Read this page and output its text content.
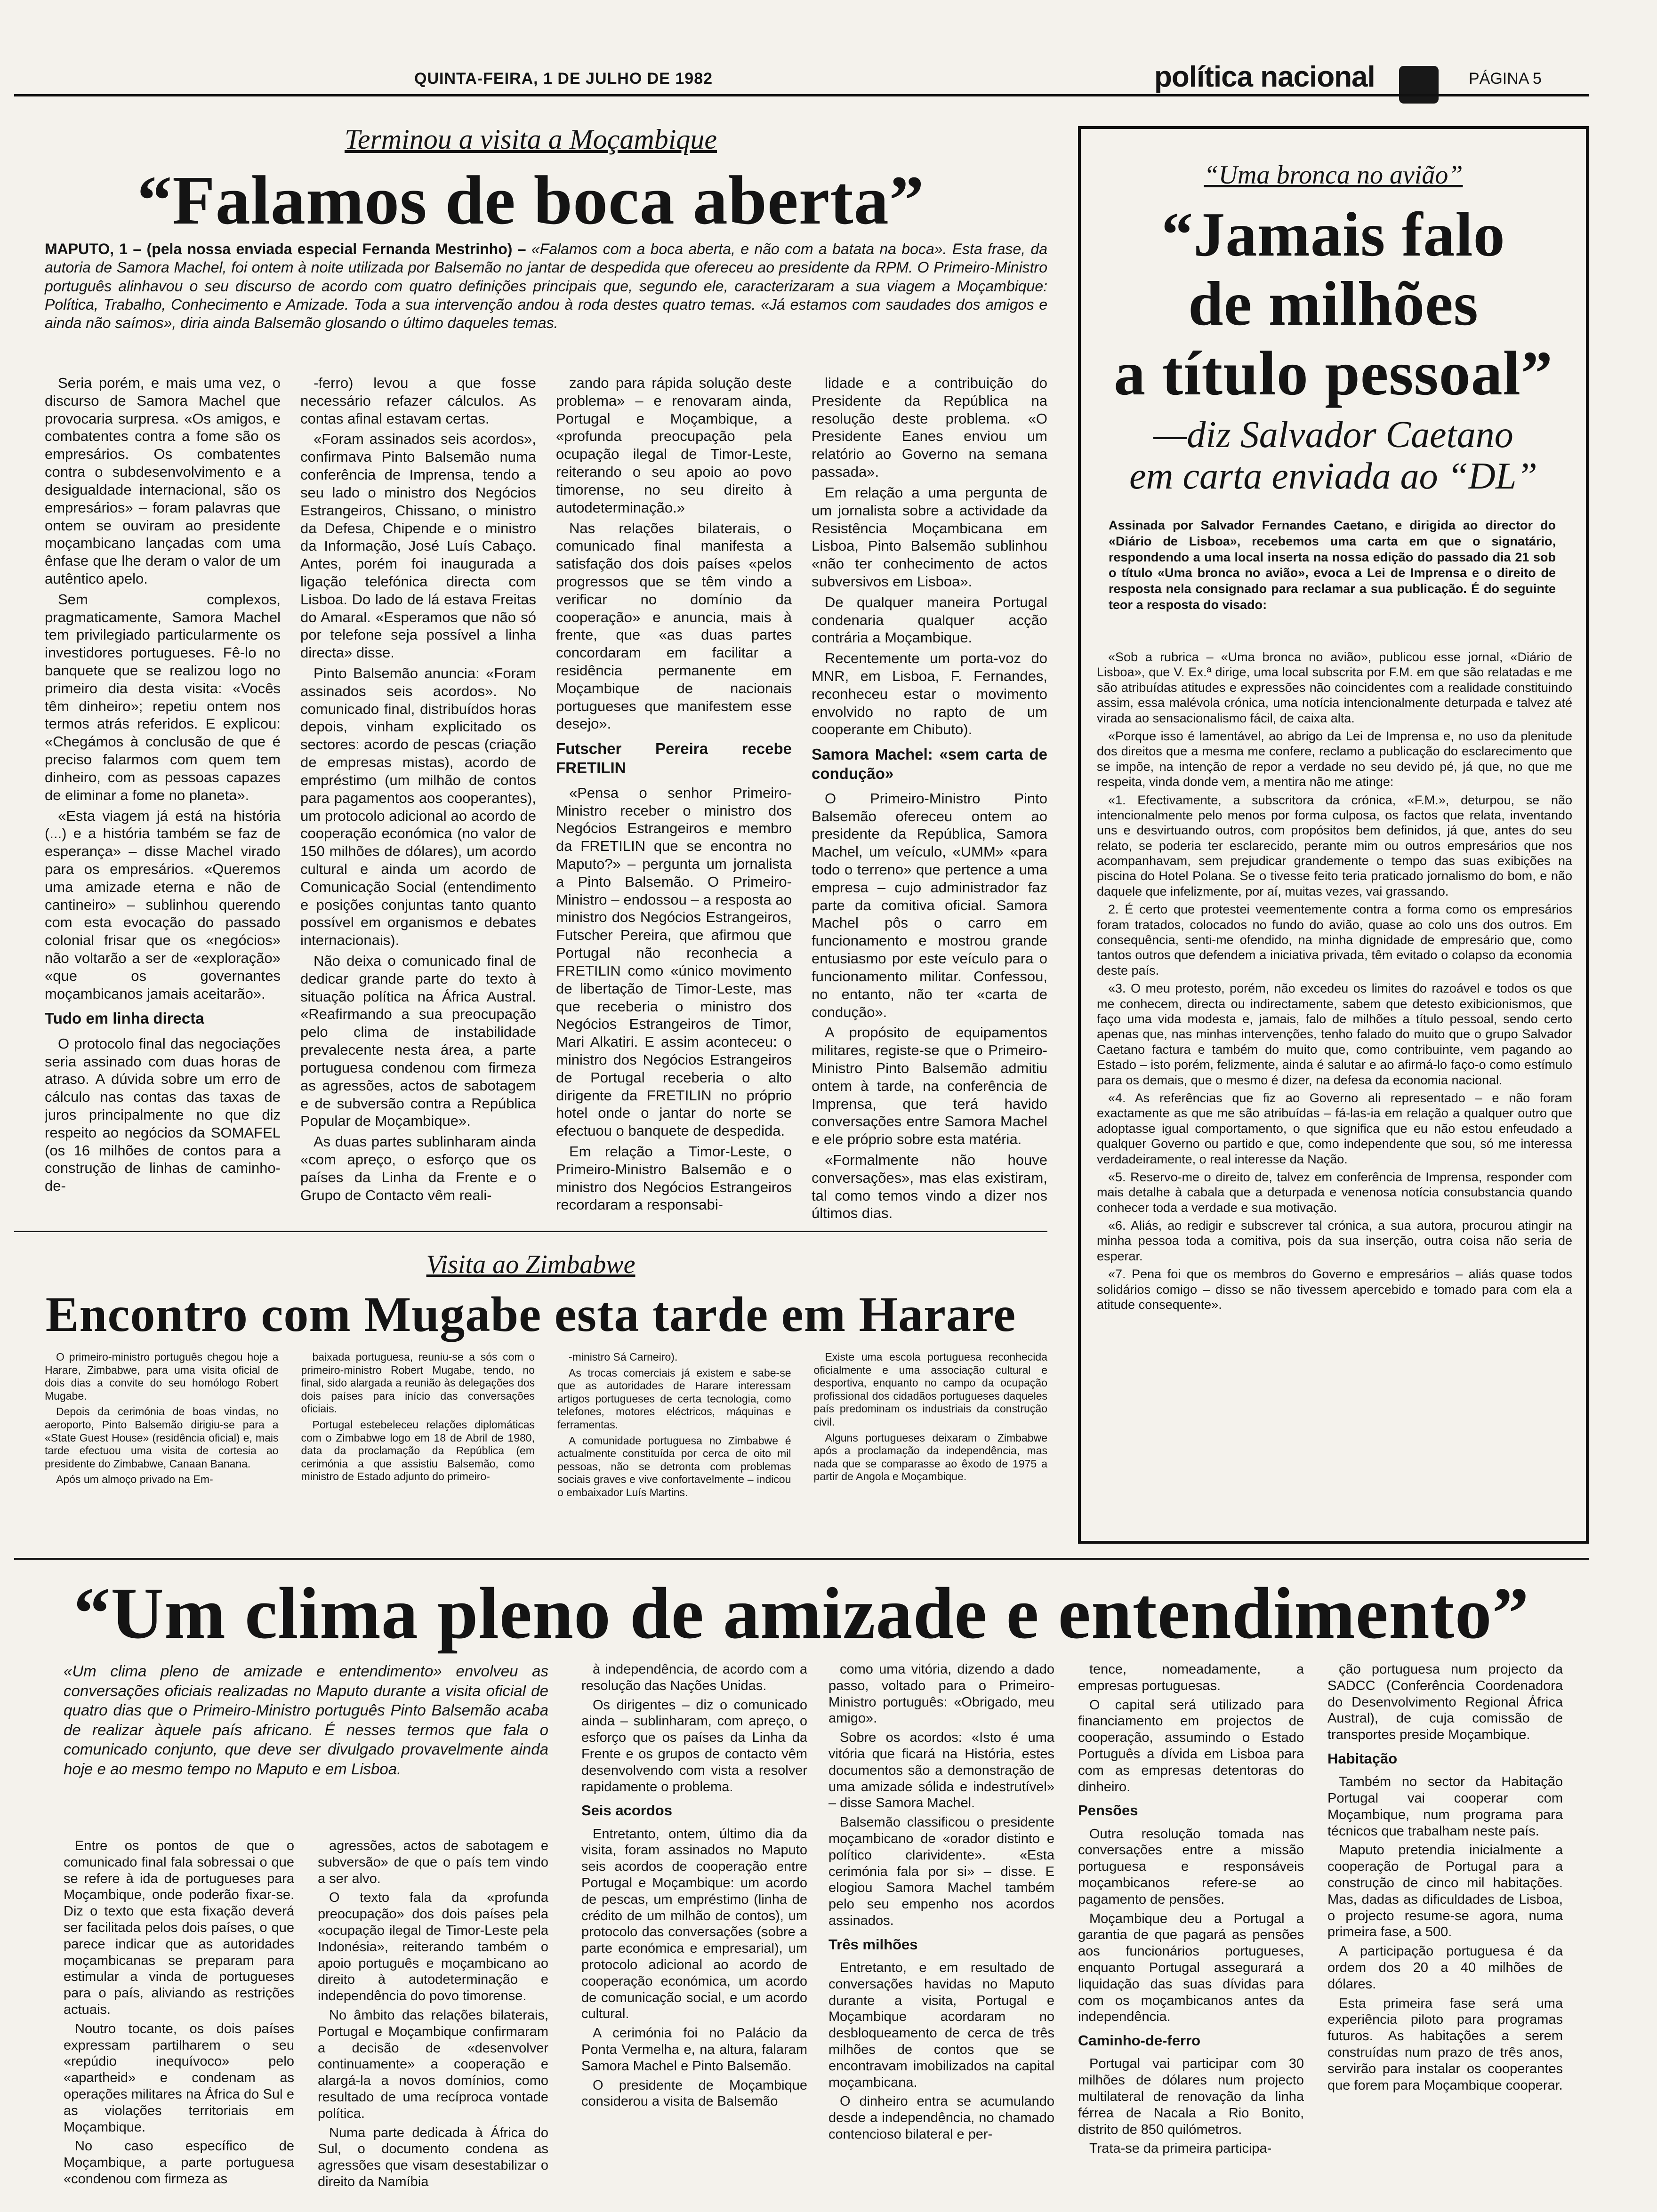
QUINTA-FEIRA, 1 DE JULHO DE 1982	política nacional	PÁGINA 5
Terminou a visita a Moçambique
“Falamos de boca aberta”
MAPUTO, 1 – (pela nossa enviada especial Fernanda Mestrinho) – «Falamos com a boca aberta, e não com a batata na boca». Esta frase, da autoria de Samora Machel, foi ontem à noite utilizada por Balsemão no jantar de despedida que ofereceu ao presidente da RPM. O Primeiro-Ministro português alinhavou o seu discurso de acordo com quatro definições principais que, segundo ele, caracterizaram a sua viagem a Moçambique: Política, Trabalho, Conhecimento e Amizade. Toda a sua intervenção andou à roda destes quatro temas. «Já estamos com saudades dos amigos e ainda não saímos», diria ainda Balsemão glosando o último daqueles temas.

Seria porém, e mais uma vez, o discurso de Samora Machel que provocaria surpresa. «Os amigos, e combatentes contra a fome são os empresários. Os combatentes contra o subdesenvolvimento e a desigualdade internacional, são os empresários» – foram palavras que ontem se ouviram ao presidente moçambicano lançadas com uma ênfase que lhe deram o valor de um autêntico apelo.

Sem complexos, pragmaticamente, Samora Machel tem privilegiado particularmente os investidores portugueses. Fê-lo no banquete que se realizou logo no primeiro dia desta visita: «Vocês têm dinheiro»; repetiu ontem nos termos atrás referidos. E explicou: «Chegámos à conclusão de que é preciso falarmos com quem tem dinheiro, com as pessoas capazes de eliminar a fome no planeta».

«Esta viagem já está na história (...) e a história também se faz de esperança» – disse Machel virado para os empresários. «Queremos uma amizade eterna e não de cantineiro» – sublinhou querendo com esta evocação do passado colonial frisar que os «negócios» não voltarão a ser de «exploração» «que os governantes moçambicanos jamais aceitarão».

Tudo em linha directa

O protocolo final das negociações seria assinado com duas horas de atraso. A dúvida sobre um erro de cálculo nas contas das taxas de juros principalmente no que diz respeito ao negócios da SOMAFEL (os 16 milhões de contos para a construção de linhas de caminho-de-

-ferro) levou a que fosse necessário refazer cálculos. As contas afinal estavam certas.

«Foram assinados seis acordos», confirmava Pinto Balsemão numa conferência de Imprensa, tendo a seu lado o ministro dos Negócios Estrangeiros, Chissano, o ministro da Defesa, Chipende e o ministro da Informação, José Luís Cabaço. Antes, porém foi inaugurada a ligação telefónica directa com Lisboa. Do lado de lá estava Freitas do Amaral. «Esperamos que não só por telefone seja possível a linha directa» disse.

Pinto Balsemão anuncia: «Foram assinados seis acordos». No comunicado final, distribuídos horas depois, vinham explicitado os sectores: acordo de pescas (criação de empresas mistas), acordo de empréstimo (um milhão de contos para pagamentos aos cooperantes), um protocolo adicional ao acordo de cooperação económica (no valor de 150 milhões de dólares), um acordo cultural e ainda um acordo de Comunicação Social (entendimento e posições conjuntas tanto quanto possível em organismos e debates internacionais).

Não deixa o comunicado final de dedicar grande parte do texto à situação política na África Austral. «Reafirmando a sua preocupação pelo clima de instabilidade prevalecente nesta área, a parte portuguesa condenou com firmeza as agressões, actos de sabotagem e de subversão contra a República Popular de Moçambique».

As duas partes sublinharam ainda «com apreço, o esforço que os países da Linha da Frente e o Grupo de Contacto vêm reali-

zando para rápida solução deste problema» – e renovaram ainda, Portugal e Moçambique, a «profunda preocupação pela ocupação ilegal de Timor-Leste, reiterando o seu apoio ao povo timorense, no seu direito à autodeterminação.»

Nas relações bilaterais, o comunicado final manifesta a satisfação dos dois países «pelos progressos que se têm vindo a verificar no domínio da cooperação» e anuncia, mais à frente, que «as duas partes concordaram em facilitar a residência permanente em Moçambique de nacionais portugueses que manifestem esse desejo».

Futscher Pereira recebe FRETILIN

«Pensa o senhor Primeiro-Ministro receber o ministro dos Negócios Estrangeiros e membro da FRETILIN que se encontra no Maputo?» – pergunta um jornalista a Pinto Balsemão. O Primeiro-Ministro – endossou – a resposta ao ministro dos Negócios Estrangeiros, Futscher Pereira, que afirmou que Portugal não reconhecia a FRETILIN como «único movimento de libertação de Timor-Leste, mas que receberia o ministro dos Negócios Estrangeiros de Timor, Mari Alkatiri. E assim aconteceu: o ministro dos Negócios Estrangeiros de Portugal receberia o alto dirigente da FRETILIN no próprio hotel onde o jantar do norte se efectuou o banquete de despedida.

Em relação a Timor-Leste, o Primeiro-Ministro Balsemão e o ministro dos Negócios Estrangeiros recordaram a responsabi-

lidade e a contribuição do Presidente da República na resolução deste problema. «O Presidente Eanes enviou um relatório ao Governo na semana passada».

Em relação a uma pergunta de um jornalista sobre a actividade da Resistência Moçambicana em Lisboa, Pinto Balsemão sublinhou «não ter conhecimento de actos subversivos em Lisboa».

De qualquer maneira Portugal condenaria qualquer acção contrária a Moçambique.

Recentemente um porta-voz do MNR, em Lisboa, F. Fernandes, reconheceu estar o movimento envolvido no rapto de um cooperante em Chibuto).

Samora Machel: «sem carta de condução»

O Primeiro-Ministro Pinto Balsemão ofereceu ontem ao presidente da República, Samora Machel, um veículo, «UMM» «para todo o terreno» que pertence a uma empresa – cujo administrador faz parte da comitiva oficial. Samora Machel pôs o carro em funcionamento e mostrou grande entusiasmo por este veículo para o funcionamento militar. Confessou, no entanto, não ter «carta de condução».

A propósito de equipamentos militares, registe-se que o Primeiro-Ministro Pinto Balsemão admitiu ontem à tarde, na conferência de Imprensa, que terá havido conversações entre Samora Machel e ele próprio sobre esta matéria.

«Formalmente não houve conversações», mas elas existiram, tal como temos vindo a dizer nos últimos dias.

“Uma bronca no avião”
“Jamais falo
de milhões
a título pessoal”
—diz Salvador Caetano
em carta enviada ao “DL”
Assinada por Salvador Fernandes Caetano, e dirigida ao director do «Diário de Lisboa», recebemos uma carta em que o signatário, respondendo a uma local inserta na nossa edição do passado dia 21 sob o título «Uma bronca no avião», evoca a Lei de Imprensa e o direito de resposta nela consignado para reclamar a sua publicação. É do seguinte teor a resposta do visado:

«Sob a rubrica – «Uma bronca no avião», publicou esse jornal, «Diário de Lisboa», que V. Ex.ª dirige, uma local subscrita por F.M. em que são relatadas e me são atribuídas atitudes e expressões não coincidentes com a realidade constituindo assim, essa malévola crónica, uma notícia intencionalmente deturpada e talvez até virada ao sensacionalismo fácil, de caixa alta.

«Porque isso é lamentável, ao abrigo da Lei de Imprensa e, no uso da plenitude dos direitos que a mesma me confere, reclamo a publicação do esclarecimento que se impõe, na intenção de repor a verdade no seu devido pé, já que, no que me respeita, vinda donde vem, a mentira não me atinge:

«1. Efectivamente, a subscritora da crónica, «F.M.», deturpou, se não intencionalmente pelo menos por forma culposa, os factos que relata, inventando uns e desvirtuando outros, com propósitos bem definidos, já que, antes do seu relato, se poderia ter esclarecido, perante mim ou outros empresários que nos acompanhavam, sem prejudicar grandemente o tempo das suas exibições na piscina do Hotel Polana. Se o tivesse feito teria praticado jornalismo do bom, e não daquele que infelizmente, por aí, muitas vezes, vai grassando.

2. É certo que protestei veementemente contra a forma como os empresários foram tratados, colocados no fundo do avião, quase ao colo uns dos outros. Em consequência, senti-me ofendido, na minha dignidade de empresário que, como tantos outros que defendem a iniciativa privada, têm evitado o colapso da economia deste país.

«3. O meu protesto, porém, não excedeu os limites do razoável e todos os que me conhecem, directa ou indirectamente, sabem que detesto exibicionismos, que faço uma vida modesta e, jamais, falo de milhões a título pessoal, sendo certo apenas que, nas minhas intervenções, tenho falado do muito que o grupo Salvador Caetano factura e também do muito que, como contribuinte, vem pagando ao Estado – isto porém, felizmente, ainda é salutar e ao afirmá-lo faço-o como estímulo para os demais, que o mesmo é dizer, na defesa da economia nacional.

«4. As referências que fiz ao Governo ali representado – e não foram exactamente as que me são atribuídas – fá-las-ia em relação a qualquer outro que adoptasse igual comportamento, o que significa que eu não estou enfeudado a qualquer Governo ou partido e que, como independente que sou, só me interessa verdadeiramente, o real interesse da Nação.

«5. Reservo-me o direito de, talvez em conferência de Imprensa, responder com mais detalhe à cabala que a deturpada e venenosa notícia consubstancia quando conhecer toda a verdade e sua motivação.

«6. Aliás, ao redigir e subscrever tal crónica, a sua autora, procurou atingir na minha pessoa toda a comitiva, pois da sua inserção, outra coisa não seria de esperar.

«7. Pena foi que os membros do Governo e empresários – aliás quase todos solidários comigo – disso se não tivessem apercebido e tomado para com ela a atitude consequente».

Visita ao Zimbabwe
Encontro com Mugabe esta tarde em Harare

O primeiro-ministro português chegou hoje a Harare, Zimbabwe, para uma visita oficial de dois dias a convite do seu homólogo Robert Mugabe.

Depois da cerimónia de boas vindas, no aeroporto, Pinto Balsemão dirigiu-se para a «State Guest House» (residência oficial) e, mais tarde efectuou uma visita de cortesia ao presidente do Zimbabwe, Canaan Banana.

Após um almoço privado na Em-

baixada portuguesa, reuniu-se a sós com o primeiro-ministro Robert Mugabe, tendo, no final, sido alargada a reunião às delegações dos dois países para início das conversações oficiais.

Portugal estebeleceu relações diplomáticas com o Zimbabwe logo em 18 de Abril de 1980, data da proclamação da República (em cerimónia a que assistiu Balsemão, como ministro de Estado adjunto do primeiro-

-ministro Sá Carneiro).

As trocas comerciais já existem e sabe-se que as autoridades de Harare interessam artigos portugueses de certa tecnologia, como telefones, motores eléctricos, máquinas e ferramentas.

A comunidade portuguesa no Zimbabwe é actualmente constituída por cerca de oito mil pessoas, não se detronta com problemas sociais graves e vive confortavelmente – indicou o embaixador Luís Martins.

Existe uma escola portuguesa reconhecida oficialmente e uma associação cultural e desportiva, enquanto no campo da ocupação profissional dos cidadãos portugueses daqueles país predominam os industriais da construção civil.

Alguns portugueses deixaram o Zimbabwe após a proclamação da independência, mas nada que se comparasse ao êxodo de 1975 a partir de Angola e Moçambique.

“Um clima pleno de amizade e entendimento”
«Um clima pleno de amizade e entendimento» envolveu as conversações oficiais realizadas no Maputo durante a visita oficial de quatro dias que o Primeiro-Ministro português Pinto Balsemão acaba de realizar àquele país africano. É nesses termos que fala o comunicado conjunto, que deve ser divulgado provavelmente ainda hoje e ao mesmo tempo no Maputo e em Lisboa.

Entre os pontos de que o comunicado final fala sobressai o que se refere à ida de portugueses para Moçambique, onde poderão fixar-se. Diz o texto que esta fixação deverá ser facilitada pelos dois países, o que parece indicar que as autoridades moçambicanas se preparam para estimular a vinda de portugueses para o país, aliviando as restrições actuais.

Noutro tocante, os dois países expressam partilharem o seu «repúdio inequívoco» pelo «apartheid» e condenam as operações militares na África do Sul e as violações territoriais em Moçambique.

No caso específico de Moçambique, a parte portuguesa «condenou com firmeza as

agressões, actos de sabotagem e subversão» de que o país tem vindo a ser alvo.

O texto fala da «profunda preocupação» dos dois países pela «ocupação ilegal de Timor-Leste pela Indonésia», reiterando também o apoio português e moçambicano ao direito à autodeterminação e independência do povo timorense.

No âmbito das relações bilaterais, Portugal e Moçambique confirmaram a decisão de «desenvolver continuamente» a cooperação e alargá-la a novos domínios, como resultado de uma recíproca vontade política.

Numa parte dedicada à África do Sul, o documento condena as agressões que visam desestabilizar o direito da Namíbia

à independência, de acordo com a resolução das Nações Unidas.

Os dirigentes – diz o comunicado ainda – sublinharam, com apreço, o esforço que os países da Linha da Frente e os grupos de contacto vêm desenvolvendo com vista a resolver rapidamente o problema.

Seis acordos

Entretanto, ontem, último dia da visita, foram assinados no Maputo seis acordos de cooperação entre Portugal e Moçambique: um acordo de pescas, um empréstimo (linha de crédito de um milhão de contos), um protocolo das conversações (sobre a parte económica e empresarial), um protocolo adicional ao acordo de cooperação económica, um acordo de comunicação social, e um acordo cultural.

A cerimónia foi no Palácio da Ponta Vermelha e, na altura, falaram Samora Machel e Pinto Balsemão.

O presidente de Moçambique considerou a visita de Balsemão

como uma vitória, dizendo a dado passo, voltado para o Primeiro-Ministro português: «Obrigado, meu amigo».

Sobre os acordos: «Isto é uma vitória que ficará na História, estes documentos são a demonstração de uma amizade sólida e indestrutível» – disse Samora Machel.

Balsemão classificou o presidente moçambicano de «orador distinto e político clarividente». «Esta cerimónia fala por si» – disse. E elogiou Samora Machel também pelo seu empenho nos acordos assinados.

Três milhões

Entretanto, e em resultado de conversações havidas no Maputo durante a visita, Portugal e Moçambique acordaram no desbloqueamento de cerca de três milhões de contos que se encontravam imobilizados na capital moçambicana.

O dinheiro entra se acumulando desde a independência, no chamado contencioso bilateral e per-

tence, nomeadamente, a empresas portuguesas.

O capital será utilizado para financiamento em projectos de cooperação, assumindo o Estado Português a dívida em Lisboa para com as empresas detentoras do dinheiro.

Pensões

Outra resolução tomada nas conversações entre a missão portuguesa e responsáveis moçambicanos refere-se ao pagamento de pensões.

Moçambique deu a Portugal a garantia de que pagará as pensões aos funcionários portugueses, enquanto Portugal assegurará a liquidação das suas dívidas para com os moçambicanos antes da independência.

Caminho-de-ferro

Portugal vai participar com 30 milhões de dólares num projecto multilateral de renovação da linha férrea de Nacala a Rio Bonito, distrito de 850 quilómetros.

Trata-se da primeira participa-

ção portuguesa num projecto da SADCC (Conferência Coordenadora do Desenvolvimento Regional África Austral), de cuja comissão de transportes preside Moçambique.

Habitação

Também no sector da Habitação Portugal vai cooperar com Moçambique, num programa para técnicos que trabalham neste país.

Maputo pretendia inicialmente a cooperação de Portugal para a construção de cinco mil habitações. Mas, dadas as dificuldades de Lisboa, o projecto resume-se agora, numa primeira fase, a 500.

A participação portuguesa é da ordem dos 20 a 40 milhões de dólares.

Esta primeira fase será uma experiência piloto para programas futuros. As habitações a serem construídas num prazo de três anos, servirão para instalar os cooperantes que forem para Moçambique cooperar.
